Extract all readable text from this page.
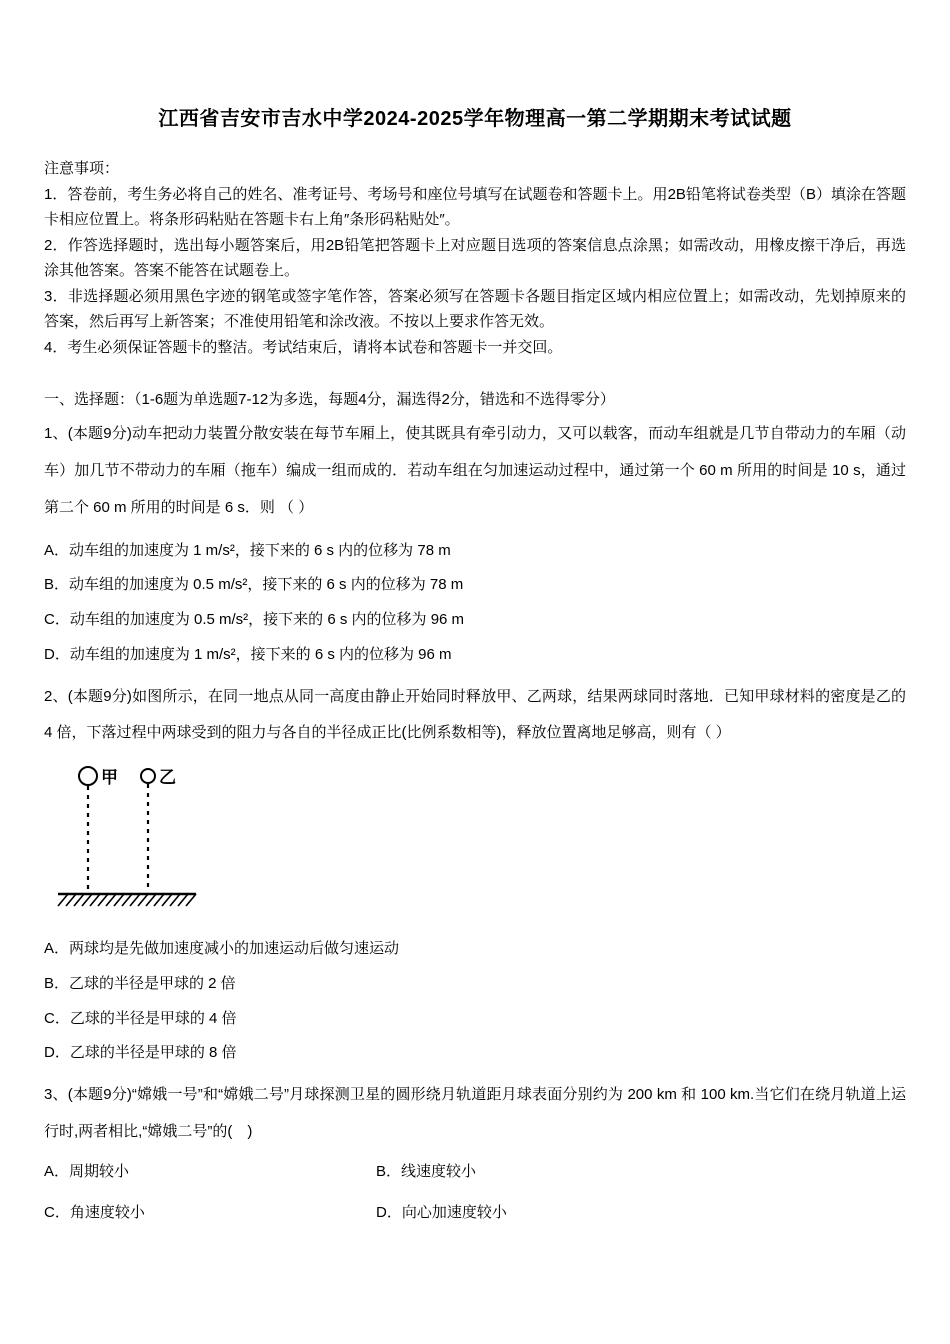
江西省吉安市吉水中学2024-2025学年物理高一第二学期期末考试试题
注意事项：

1．答卷前，考生务必将自己的姓名、准考证号、考场号和座位号填写在试题卷和答题卡上。用2B铅笔将试卷类型（B）填涂在答题卡相应位置上。将条形码粘贴在答题卡右上角″条形码粘贴处″。

2．作答选择题时，选出每小题答案后，用2B铅笔把答题卡上对应题目选项的答案信息点涂黑；如需改动，用橡皮擦干净后，再选涂其他答案。答案不能答在试题卷上。

3．非选择题必须用黑色字迹的钢笔或签字笔作答，答案必须写在答题卡各题目指定区域内相应位置上；如需改动，先划掉原来的答案，然后再写上新答案；不准使用铅笔和涂改液。不按以上要求作答无效。

4．考生必须保证答题卡的整洁。考试结束后，请将本试卷和答题卡一并交回。

一、选择题：（1-6题为单选题7-12为多选，每题4分，漏选得2分，错选和不选得零分）

1、(本题9分)动车把动力装置分散安装在每节车厢上，使其既具有牵引动力，又可以载客，而动车组就是几节自带动力的车厢（动车）加几节不带动力的车厢（拖车）编成一组而成的．若动车组在匀加速运动过程中，通过第一个 60 m 所用的时间是 10 s，通过第二个 60 m 所用的时间是 6 s．则 （ ）

A．动车组的加速度为 1 m/s²，接下来的 6 s 内的位移为 78 m

B．动车组的加速度为 0.5 m/s²，接下来的 6 s 内的位移为 78 m

C．动车组的加速度为 0.5 m/s²，接下来的 6 s 内的位移为 96 m

D．动车组的加速度为 1 m/s²，接下来的 6 s 内的位移为 96 m

2、(本题9分)如图所示，在同一地点从同一高度由静止开始同时释放甲、乙两球，结果两球同时落地．已知甲球材料的密度是乙的 4 倍，下落过程中两球受到的阻力与各自的半径成正比(比例系数相等)，释放位置离地足够高，则有（ ）

甲 乙

A．两球均是先做加速度减小的加速运动后做匀速运动

B．乙球的半径是甲球的 2 倍

C．乙球的半径是甲球的 4 倍

D．乙球的半径是甲球的 8 倍

3、(本题9分)“嫦娥一号”和“嫦娥二号”月球探测卫星的圆形绕月轨道距月球表面分别约为 200 km 和 100 km.当它们在绕月轨道上运行时,两者相比,“嫦娥二号”的(　)

A．周期较小	B．线速度较小

C．角速度较小	D．向心加速度较小
